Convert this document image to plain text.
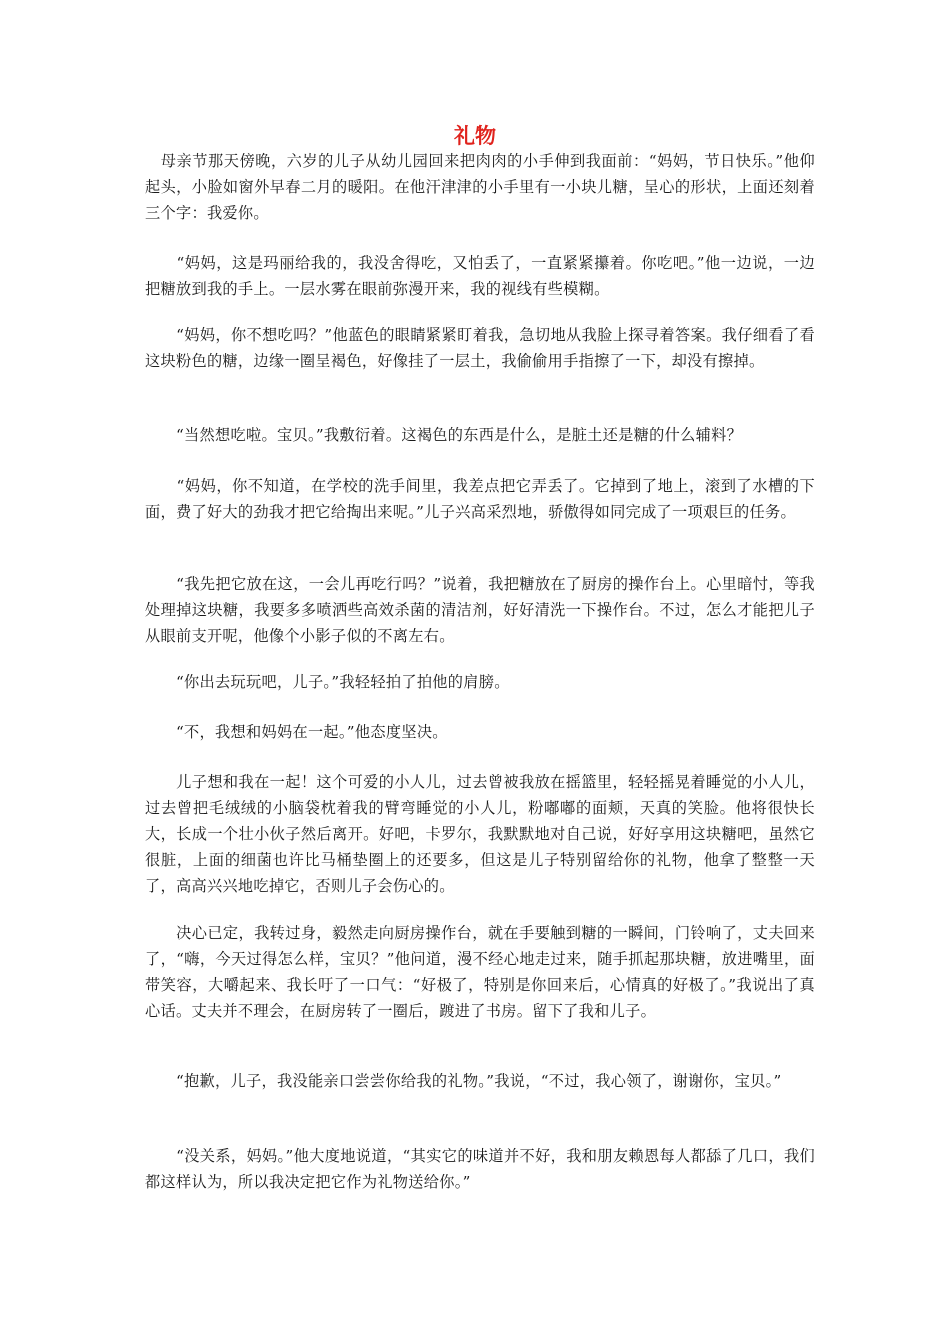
礼物

　母亲节那天傍晚，六岁的儿子从幼儿园回来把肉肉的小手伸到我面前：“妈妈，节日快乐。”他仰起头，小脸如窗外早春二月的暖阳。在他汗津津的小手里有一小块儿糖，呈心的形状，上面还刻着三个字：我爱你。

　　“妈妈，这是玛丽给我的，我没舍得吃，又怕丢了，一直紧紧攥着。你吃吧。”他一边说，一边把糖放到我的手上。一层水雾在眼前弥漫开来，我的视线有些模糊。

　　“妈妈，你不想吃吗？”他蓝色的眼睛紧紧盯着我，急切地从我脸上探寻着答案。我仔细看了看这块粉色的糖，边缘一圈呈褐色，好像挂了一层土，我偷偷用手指擦了一下，却没有擦掉。

　　“当然想吃啦。宝贝。”我敷衍着。这褐色的东西是什么，是脏土还是糖的什么辅料？

　　“妈妈，你不知道，在学校的洗手间里，我差点把它弄丢了。它掉到了地上，滚到了水槽的下面，费了好大的劲我才把它给掏出来呢。”儿子兴高采烈地，骄傲得如同完成了一项艰巨的任务。

　　“我先把它放在这，一会儿再吃行吗？”说着，我把糖放在了厨房的操作台上。心里暗忖，等我处理掉这块糖，我要多多喷洒些高效杀菌的清洁剂，好好清洗一下操作台。不过，怎么才能把儿子从眼前支开呢，他像个小影子似的不离左右。

　　“你出去玩玩吧，儿子。”我轻轻拍了拍他的肩膀。

　　“不，我想和妈妈在一起。”他态度坚决。

　　儿子想和我在一起！这个可爱的小人儿，过去曾被我放在摇篮里，轻轻摇晃着睡觉的小人儿，过去曾把毛绒绒的小脑袋枕着我的臂弯睡觉的小人儿，粉嘟嘟的面颊，天真的笑脸。他将很快长大，长成一个壮小伙子然后离开。好吧，卡罗尔，我默默地对自己说，好好享用这块糖吧，虽然它很脏，上面的细菌也许比马桶垫圈上的还要多，但这是儿子特别留给你的礼物，他拿了整整一天了，高高兴兴地吃掉它，否则儿子会伤心的。

　　决心已定，我转过身，毅然走向厨房操作台，就在手要触到糖的一瞬间，门铃响了，丈夫回来了，“嗨，今天过得怎么样，宝贝？”他问道，漫不经心地走过来，随手抓起那块糖，放进嘴里，面带笑容，大嚼起来、我长吁了一口气：“好极了，特别是你回来后，心情真的好极了。”我说出了真心话。丈夫并不理会，在厨房转了一圈后，踱进了书房。留下了我和儿子。

　　“抱歉，儿子，我没能亲口尝尝你给我的礼物。”我说，“不过，我心领了，谢谢你，宝贝。”

　　“没关系，妈妈。”他大度地说道，“其实它的味道并不好，我和朋友赖恩每人都舔了几口，我们都这样认为，所以我决定把它作为礼物送给你。”
